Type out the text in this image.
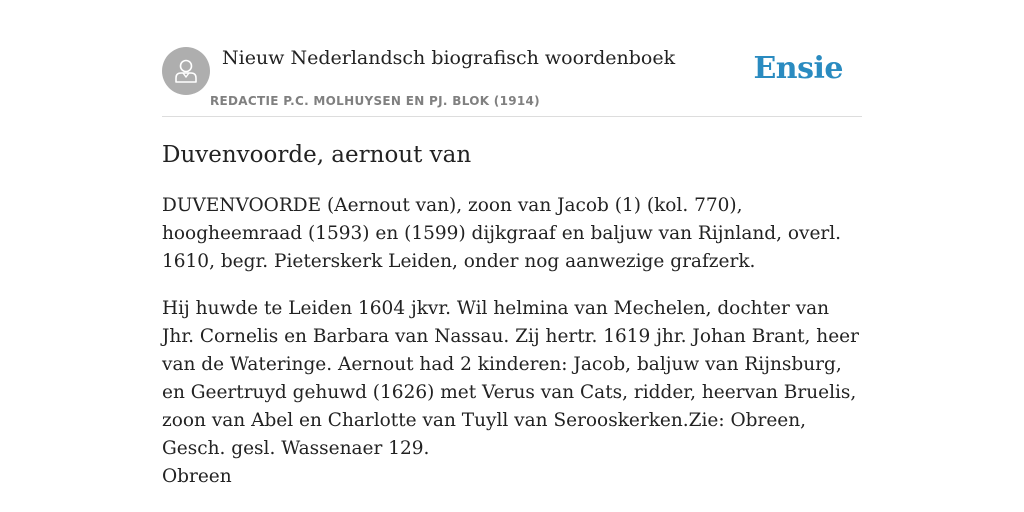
Nieuw Nederlandsch biografisch woordenboek
REDACTIE P.C. MOLHUYSEN EN PJ. BLOK (1914)
Ensie
Duvenvoorde, aernout van

DUVENVOORDE (Aernout van), zoon van Jacob (1) (kol. 770), hoogheemraad (1593) en (1599) dijkgraaf en baljuw van Rijnland, overl. 1610, begr. Pieterskerk Leiden, onder nog aanwezige grafzerk.

Hij huwde te Leiden 1604 jkvr. Wil helmina van Mechelen, dochter van Jhr. Cornelis en Barbara van Nassau. Zij hertr. 1619 jhr. Johan Brant, heer van de Wateringe. Aernout had 2 kinderen: Jacob, baljuw van Rijnsburg, en Geertruyd gehuwd (1626) met Verus van Cats, ridder, heervan Bruelis, zoon van Abel en Charlotte van Tuyll van Serooskerken.Zie: Obreen, Gesch. gesl. Wassenaer 129.

Obreen
